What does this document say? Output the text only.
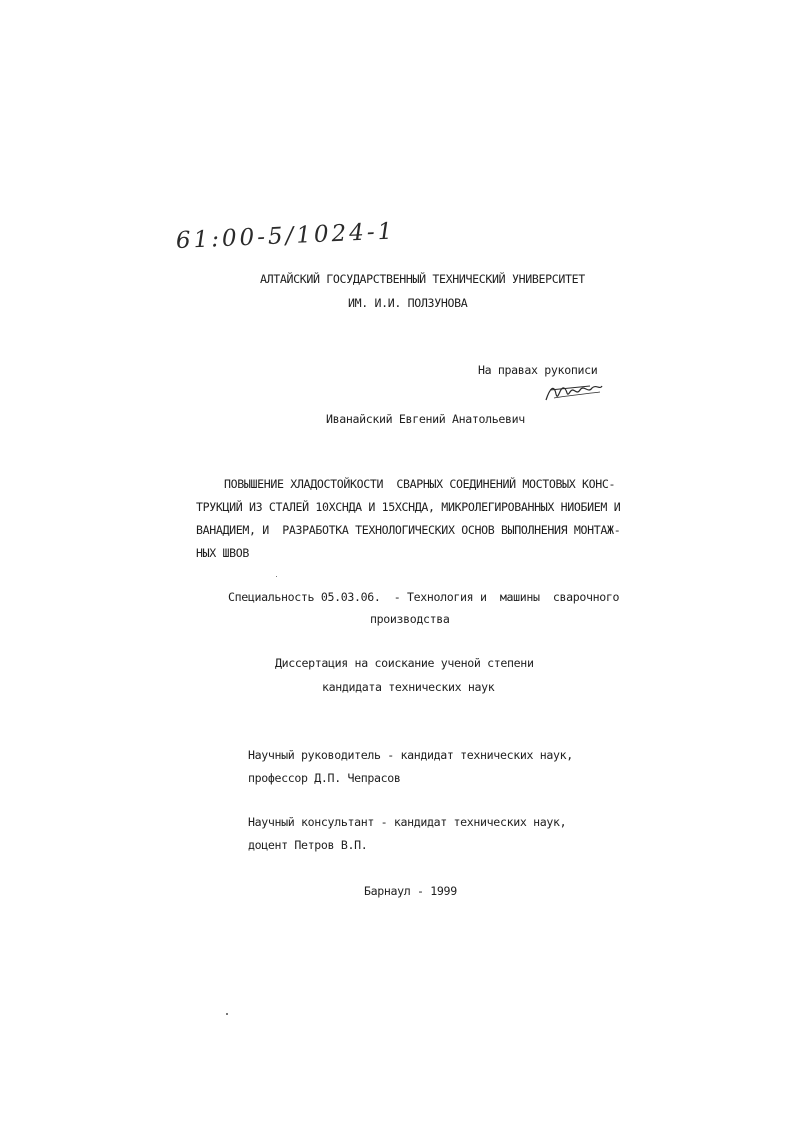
61:00-5/1024-1
АЛТАЙСКИЙ ГОСУДАРСТВЕННЫЙ ТЕХНИЧЕСКИЙ УНИВЕРСИТЕТ
ИМ. И.И. ПОЛЗУНОВА
На правах рукописи
Иванайский Евгений Анатольевич
ПОВЫШЕНИЕ ХЛАДОСТОЙКОСТИ  СВАРНЫХ СОЕДИНЕНИЙ МОСТОВЫХ КОНС-
ТРУКЦИЙ ИЗ СТАЛЕЙ 10ХСНДА И 15ХСНДА, МИКРОЛЕГИРОВАННЫХ НИОБИЕМ И
ВАНАДИЕМ, И  РАЗРАБОТКА ТЕХНОЛОГИЧЕСКИХ ОСНОВ ВЫПОЛНЕНИЯ МОНТАЖ-
НЫХ ШВОВ
Специальность 05.03.06.  - Технология и  машины  сварочного
производства
Диссертация на соискание ученой степени
кандидата технических наук
Научный руководитель - кандидат технических наук,
профессор Д.П. Чепрасов
Научный консультант - кандидат технических наук,
доцент Петров В.П.
Барнаул - 1999
